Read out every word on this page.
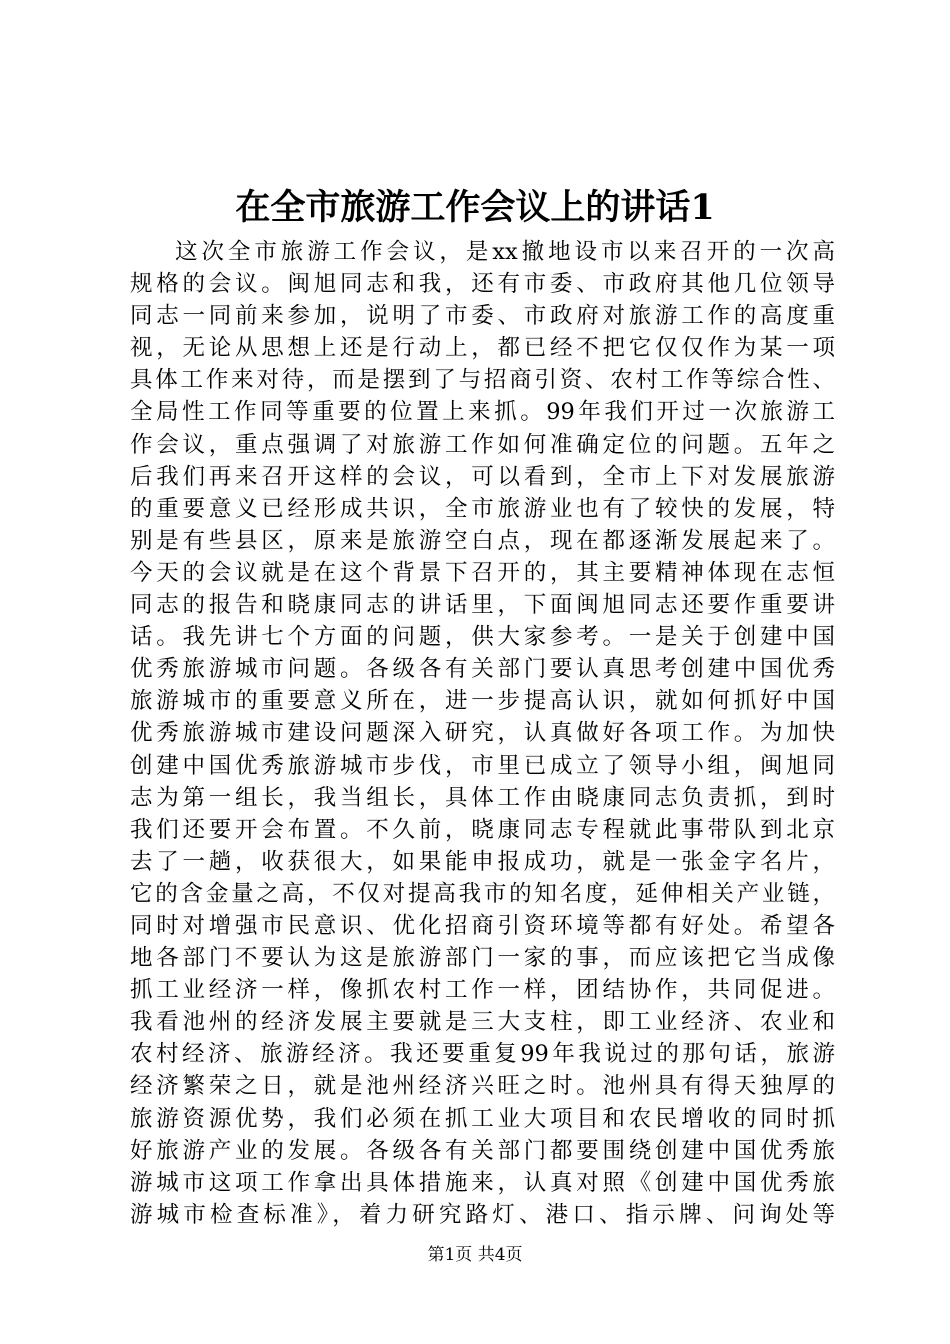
在全市旅游工作会议上的讲话1
这次全市旅游工作会议，是xx撤地设市以来召开的一次高
规格的会议。闽旭同志和我，还有市委、市政府其他几位领导
同志一同前来参加，说明了市委、市政府对旅游工作的高度重
视，无论从思想上还是行动上，都已经不把它仅仅作为某一项
具体工作来对待，而是摆到了与招商引资、农村工作等综合性、
全局性工作同等重要的位置上来抓。99年我们开过一次旅游工
作会议，重点强调了对旅游工作如何准确定位的问题。五年之
后我们再来召开这样的会议，可以看到，全市上下对发展旅游
的重要意义已经形成共识，全市旅游业也有了较快的发展，特
别是有些县区，原来是旅游空白点，现在都逐渐发展起来了。
今天的会议就是在这个背景下召开的，其主要精神体现在志恒
同志的报告和晓康同志的讲话里，下面闽旭同志还要作重要讲
话。我先讲七个方面的问题，供大家参考。一是关于创建中国
优秀旅游城市问题。各级各有关部门要认真思考创建中国优秀
旅游城市的重要意义所在，进一步提高认识，就如何抓好中国
优秀旅游城市建设问题深入研究，认真做好各项工作。为加快
创建中国优秀旅游城市步伐，市里已成立了领导小组，闽旭同
志为第一组长，我当组长，具体工作由晓康同志负责抓，到时
我们还要开会布置。不久前，晓康同志专程就此事带队到北京
去了一趟，收获很大，如果能申报成功，就是一张金字名片，
它的含金量之高，不仅对提高我市的知名度，延伸相关产业链，
同时对增强市民意识、优化招商引资环境等都有好处。希望各
地各部门不要认为这是旅游部门一家的事，而应该把它当成像
抓工业经济一样，像抓农村工作一样，团结协作，共同促进。
我看池州的经济发展主要就是三大支柱，即工业经济、农业和
农村经济、旅游经济。我还要重复99年我说过的那句话，旅游
经济繁荣之日，就是池州经济兴旺之时。池州具有得天独厚的
旅游资源优势，我们必须在抓工业大项目和农民增收的同时抓
好旅游产业的发展。各级各有关部门都要围绕创建中国优秀旅
游城市这项工作拿出具体措施来，认真对照《创建中国优秀旅
游城市检查标准》，着力研究路灯、港口、指示牌、问询处等
第1页 共4页
